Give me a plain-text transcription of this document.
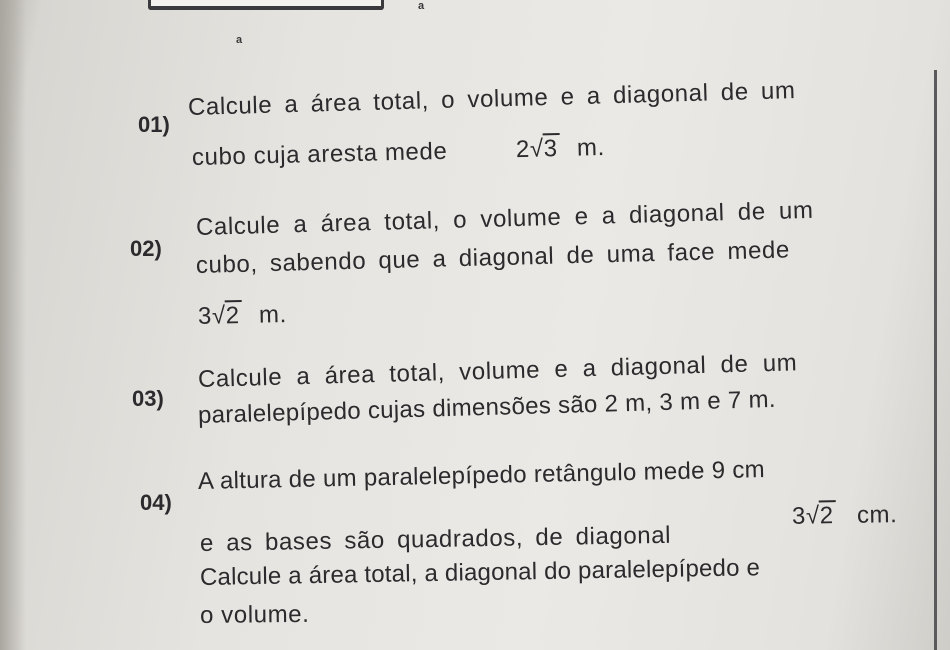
a
a
01)
Calcule a área total, o volume e a diagonal de um
cubo cuja aresta mede	2√3 m.
02)
Calcule a área total, o volume e a diagonal de um
cubo, sabendo que a diagonal de uma face mede
3√2 m.
03)
Calcule a área total, volume e a diagonal de um
paralelepípedo cujas dimensões são 2 m, 3 m e 7 m.
04)
A altura de um paralelepípedo retângulo mede 9 cm
e as bases são quadrados, de diagonal
3√2 cm.
Calcule a área total, a diagonal do paralelepípedo e
o volume.
